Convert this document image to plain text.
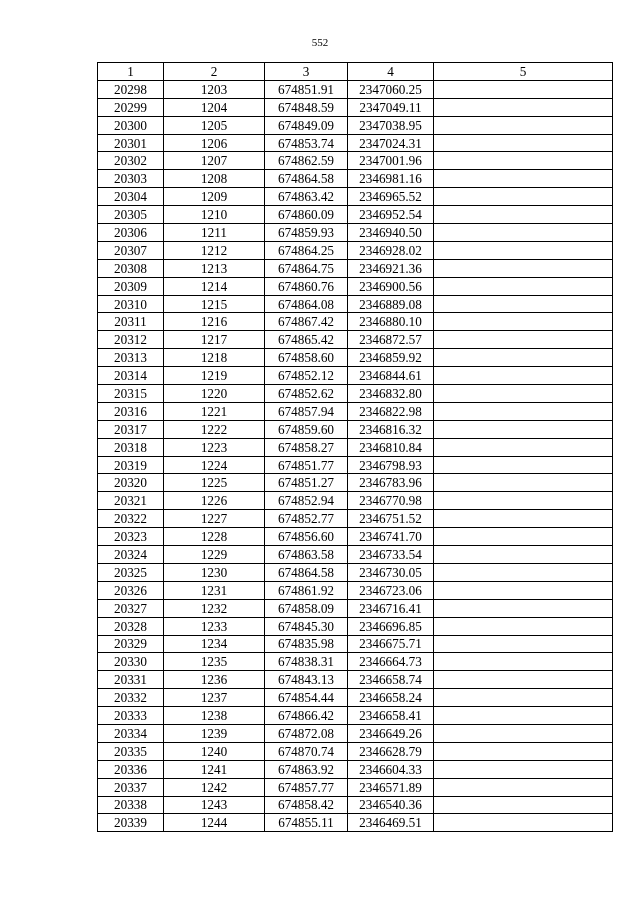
552
1	2	3	4	5
20298	1203	674851.91	2347060.25	
20299	1204	674848.59	2347049.11	
20300	1205	674849.09	2347038.95	
20301	1206	674853.74	2347024.31	
20302	1207	674862.59	2347001.96	
20303	1208	674864.58	2346981.16	
20304	1209	674863.42	2346965.52	
20305	1210	674860.09	2346952.54	
20306	1211	674859.93	2346940.50	
20307	1212	674864.25	2346928.02	
20308	1213	674864.75	2346921.36	
20309	1214	674860.76	2346900.56	
20310	1215	674864.08	2346889.08	
20311	1216	674867.42	2346880.10	
20312	1217	674865.42	2346872.57	
20313	1218	674858.60	2346859.92	
20314	1219	674852.12	2346844.61	
20315	1220	674852.62	2346832.80	
20316	1221	674857.94	2346822.98	
20317	1222	674859.60	2346816.32	
20318	1223	674858.27	2346810.84	
20319	1224	674851.77	2346798.93	
20320	1225	674851.27	2346783.96	
20321	1226	674852.94	2346770.98	
20322	1227	674852.77	2346751.52	
20323	1228	674856.60	2346741.70	
20324	1229	674863.58	2346733.54	
20325	1230	674864.58	2346730.05	
20326	1231	674861.92	2346723.06	
20327	1232	674858.09	2346716.41	
20328	1233	674845.30	2346696.85	
20329	1234	674835.98	2346675.71	
20330	1235	674838.31	2346664.73	
20331	1236	674843.13	2346658.74	
20332	1237	674854.44	2346658.24	
20333	1238	674866.42	2346658.41	
20334	1239	674872.08	2346649.26	
20335	1240	674870.74	2346628.79	
20336	1241	674863.92	2346604.33	
20337	1242	674857.77	2346571.89	
20338	1243	674858.42	2346540.36	
20339	1244	674855.11	2346469.51	
